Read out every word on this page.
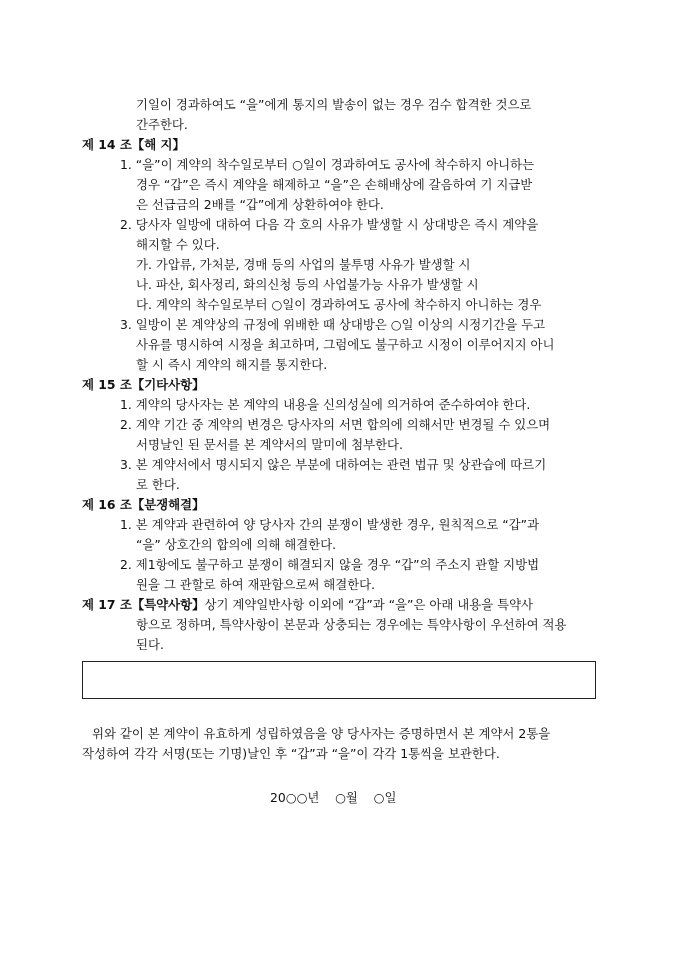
기일이 경과하여도 “을”에게 통지의 발송이 없는 경우 검수 합격한 것으로
간주한다.
제 14 조【해 지】
1. “을”이 계약의 착수일로부터 ○일이 경과하여도 공사에 착수하지 아니하는
경우 “갑”은 즉시 계약을 해제하고 “을”은 손해배상에 갈음하여 기 지급받
은 선급금의 2배를 “갑”에게 상환하여야 한다.
2. 당사자 일방에 대하여 다음 각 호의 사유가 발생할 시 상대방은 즉시 계약을
해지할 수 있다.
가. 가압류, 가처분, 경매 등의 사업의 불투명 사유가 발생할 시
나. 파산, 회사정리, 화의신청 등의 사업불가능 사유가 발생할 시
다. 계약의 착수일로부터 ○일이 경과하여도 공사에 착수하지 아니하는 경우
3. 일방이 본 계약상의 규정에 위배한 때 상대방은 ○일 이상의 시정기간을 두고
사유를 명시하여 시정을 최고하며, 그럼에도 불구하고 시정이 이루어지지 아니
할 시 즉시 계약의 해지를 통지한다.
제 15 조【기타사항】
1. 계약의 당사자는 본 계약의 내용을 신의성실에 의거하여 준수하여야 한다.
2. 계약 기간 중 계약의 변경은 당사자의 서면 합의에 의해서만 변경될 수 있으며
서명날인 된 문서를 본 계약서의 말미에 첨부한다.
3. 본 계약서에서 명시되지 않은 부분에 대하여는 관련 법규 및 상관습에 따르기
로 한다.
제 16 조【분쟁해결】
1. 본 계약과 관련하여 양 당사자 간의 분쟁이 발생한 경우, 원칙적으로 “갑”과
“을” 상호간의 합의에 의해 해결한다.
2. 제1항에도 불구하고 분쟁이 해결되지 않을 경우 “갑”의 주소지 관할 지방법
원을 그 관할로 하여 재판함으로써 해결한다.
제 17 조【특약사항】상기 계약일반사항 이외에 “갑”과 “을”은 아래 내용을 특약사
항으로 정하며, 특약사항이 본문과 상충되는 경우에는 특약사항이 우선하여 적용
된다.
위와 같이 본 계약이 유효하게 성립하였음을 양 당사자는 증명하면서 본 계약서 2통을
작성하여 각각 서명(또는 기명)날인 후 “갑”과 “을”이 각각 1통씩을 보관한다.
20○○년    ○월    ○일
